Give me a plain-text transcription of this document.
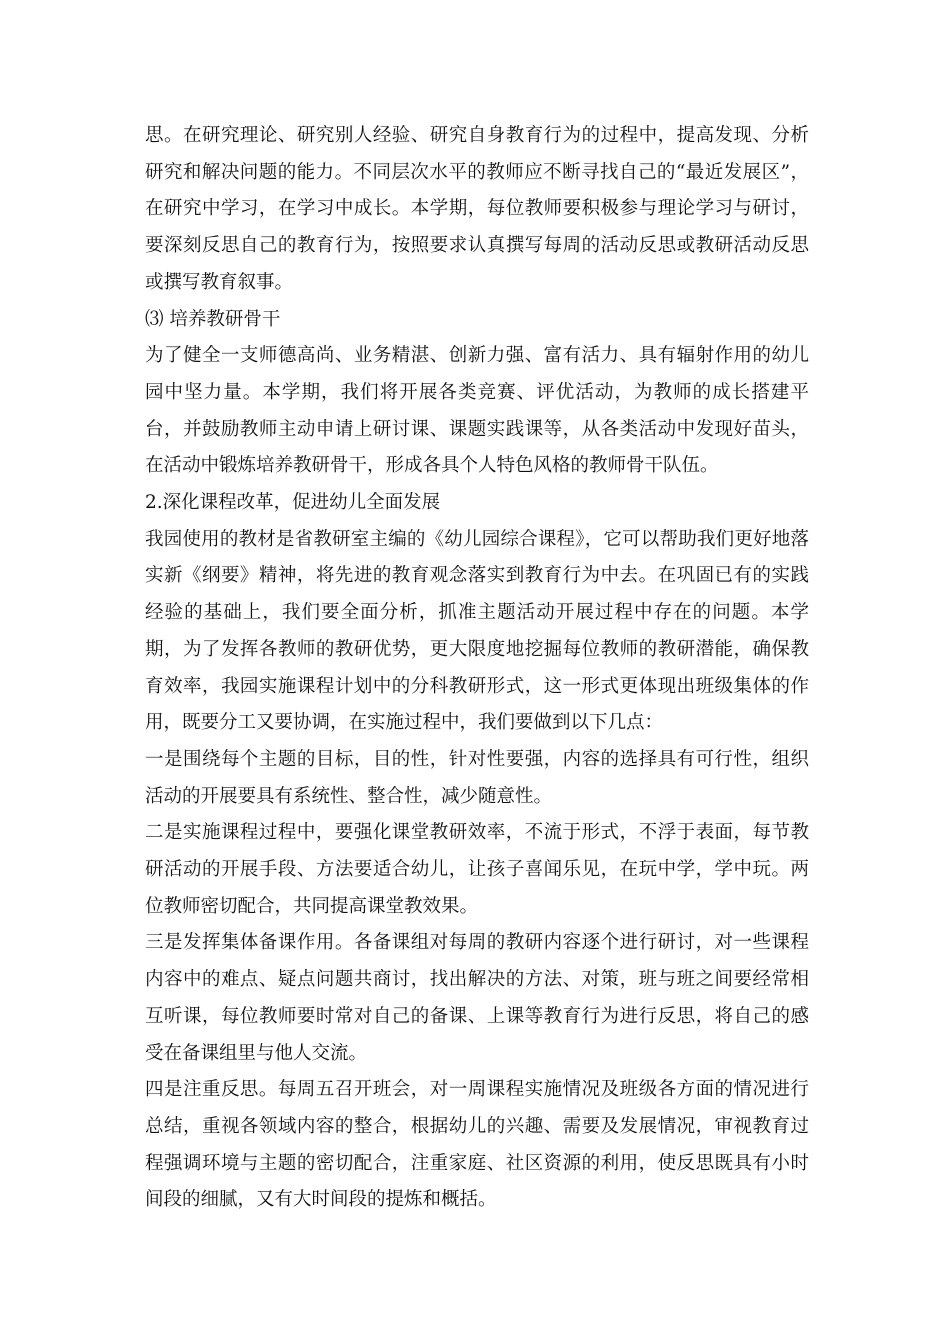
思。在研究理论、研究别人经验、研究自身教育行为的过程中，提高发现、分析研究和解决问题的能力。不同层次水平的教师应不断寻找自己的“最近发展区”，在研究中学习，在学习中成长。本学期，每位教师要积极参与理论学习与研讨，要深刻反思自己的教育行为，按照要求认真撰写每周的活动反思或教研活动反思或撰写教育叙事。

⑶ 培养教研骨干

为了健全一支师德高尚、业务精湛、创新力强、富有活力、具有辐射作用的幼儿园中坚力量。本学期，我们将开展各类竞赛、评优活动，为教师的成长搭建平台，并鼓励教师主动申请上研讨课、课题实践课等，从各类活动中发现好苗头，在活动中锻炼培养教研骨干，形成各具个人特色风格的教师骨干队伍。

2.深化课程改革，促进幼儿全面发展

我园使用的教材是省教研室主编的《幼儿园综合课程》，它可以帮助我们更好地落实新《纲要》精神，将先进的教育观念落实到教育行为中去。在巩固已有的实践经验的基础上，我们要全面分析，抓准主题活动开展过程中存在的问题。本学期，为了发挥各教师的教研优势，更大限度地挖掘每位教师的教研潜能，确保教育效率，我园实施课程计划中的分科教研形式，这一形式更体现出班级集体的作用，既要分工又要协调，在实施过程中，我们要做到以下几点：

一是围绕每个主题的目标，目的性，针对性要强，内容的选择具有可行性，组织活动的开展要具有系统性、整合性，减少随意性。

二是实施课程过程中，要强化课堂教研效率，不流于形式，不浮于表面，每节教研活动的开展手段、方法要适合幼儿，让孩子喜闻乐见，在玩中学，学中玩。两位教师密切配合，共同提高课堂教效果。

三是发挥集体备课作用。各备课组对每周的教研内容逐个进行研讨，对一些课程内容中的难点、疑点问题共商讨，找出解决的方法、对策，班与班之间要经常相互听课，每位教师要时常对自己的备课、上课等教育行为进行反思，将自己的感受在备课组里与他人交流。

四是注重反思。每周五召开班会，对一周课程实施情况及班级各方面的情况进行总结，重视各领域内容的整合，根据幼儿的兴趣、需要及发展情况，审视教育过程强调环境与主题的密切配合，注重家庭、社区资源的利用，使反思既具有小时间段的细腻，又有大时间段的提炼和概括。
